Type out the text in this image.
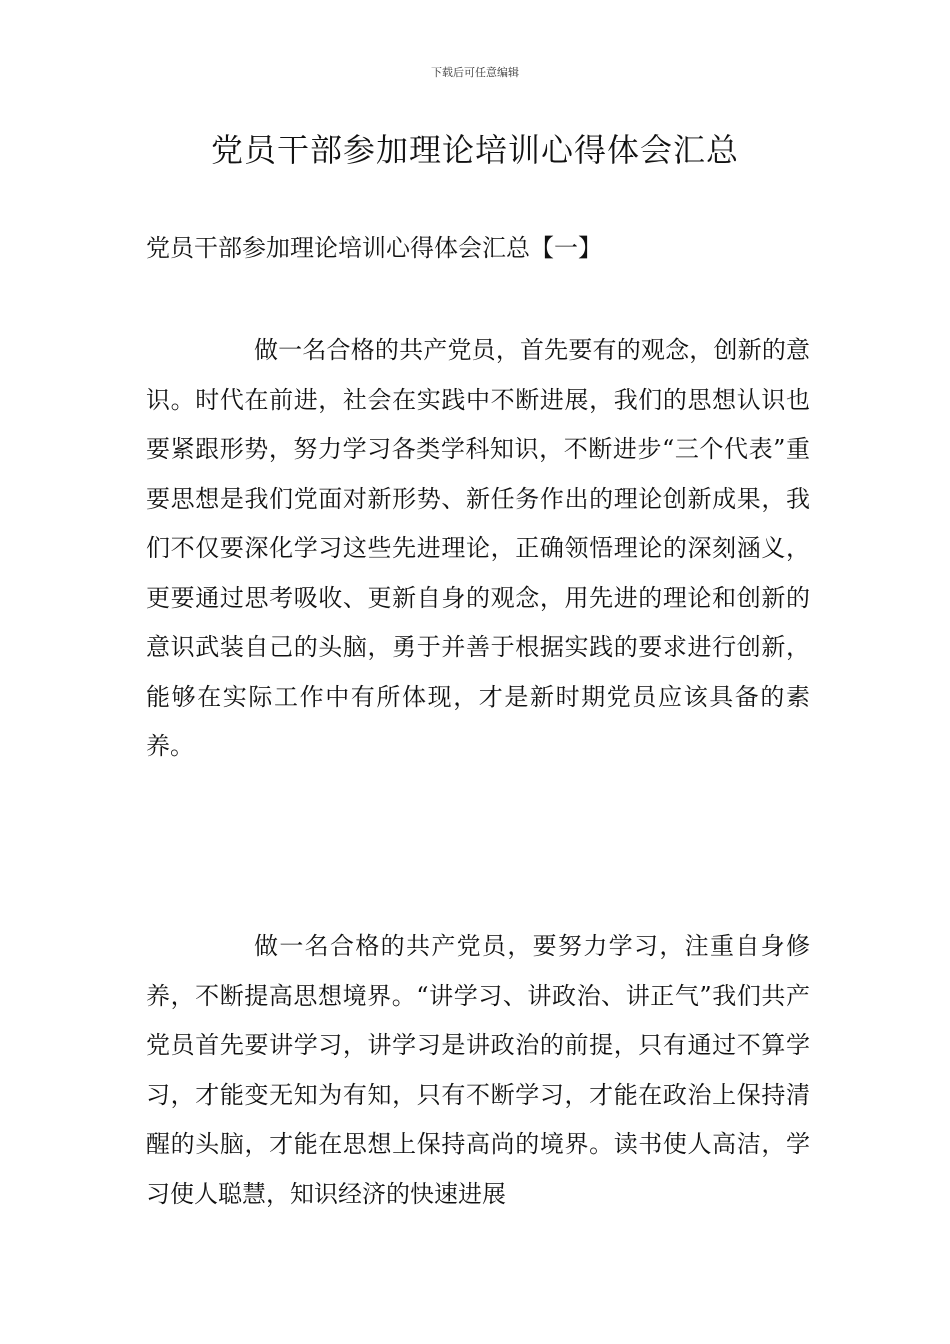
下载后可任意编辑
党员干部参加理论培训心得体会汇总
党员干部参加理论培训心得体会汇总【一】

做一名合格的共产党员，首先要有的观念，创新的意识。时代在前进，社会在实践中不断进展，我们的思想认识也要紧跟形势，努力学习各类学科知识，不断进步“三个代表”重要思想是我们党面对新形势、新任务作出的理论创新成果，我们不仅要深化学习这些先进理论，正确领悟理论的深刻涵义，更要通过思考吸收、更新自身的观念，用先进的理论和创新的意识武装自己的头脑，勇于并善于根据实践的要求进行创新，能够在实际工作中有所体现，才是新时期党员应该具备的素养。

做一名合格的共产党员，要努力学习，注重自身修养，不断提高思想境界。“讲学习、讲政治、讲正气”我们共产党员首先要讲学习，讲学习是讲政治的前提，只有通过不算学习，才能变无知为有知，只有不断学习，才能在政治上保持清醒的头脑，才能在思想上保持高尚的境界。读书使人高洁，学习使人聪慧，知识经济的快速进展
